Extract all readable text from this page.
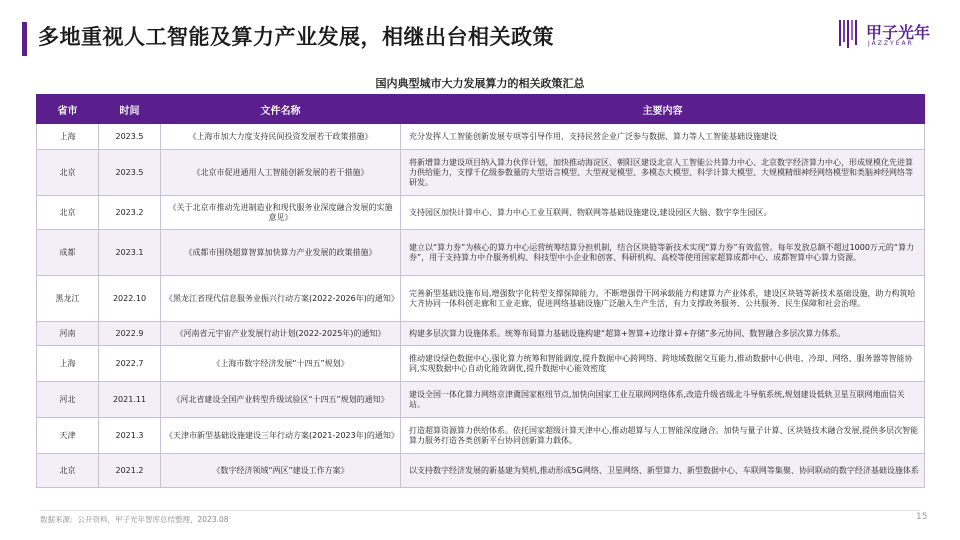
多地重视人工智能及算力产业发展，相继出台相关政策	甲子光年
JAZZYEAR
国内典型城市大力发展算力的相关政策汇总
省市	时间	文件名称	主要内容
上海	2023.5	《上海市加大力度支持民间投资发展若干政策措施》	充分发挥人工智能创新发展专项等引导作用，支持民营企业广泛参与数据、算力等人工智能基础设施建设
北京	2023.5	《北京市促进通用人工智能创新发展的若干措施》	将新增算力建设项目纳入算力伙伴计划，加快推动海淀区、朝阳区建设北京人工智能公共算力中心、北京数字经济算力中心，形成规模化先进算力供给能力，支撑千亿级参数量的大型语言模型、大型视觉模型、多模态大模型、科学计算大模型、大规模精细神经网络模型和类脑神经网络等研发。
北京	2023.2	《关于北京市推动先进制造业和现代服务业深度融合发展的实施意见》	支持园区加快计算中心、算力中心工业互联网、物联网等基础设施建设,建设园区大脑、数字孪生园区。
成都	2023.1	《成都市围绕超算智算加快算力产业发展的政策措施》	建立以“算力券”为核心的算力中心运营统筹结算分担机制，结合区块链等新技术实现“算力券”有效监管。每年发放总额不超过1000万元的“算力券”，用于支持算力中介服务机构、科技型中小企业和创客、科研机构、高校等使用国家超算成都中心、成都智算中心算力资源。
黑龙江	2022.10	《黑龙江省现代信息服务业振兴行动方案(2022-2026年)的通知》	完善新型基础设施布局,增强数字化转型支撑保障能力。不断增强骨干网承载能力构建算力产业体系，建设区块链等新技术基础设施，助力构筑哈大齐协同一体科创走廊和工业走廊，促进网络基础设施广泛融入生产生活，有力支撑政务服务、公共服务、民生保障和社会治理。
河南	2022.9	《河南省元宇宙产业发展行动计划(2022-2025年)的通知》	构建多层次算力设施体系。统筹布局算力基础设施构建“超算+智算+边缘计算+存储”多元协同、数智融合多层次算力体系。
上海	2022.7	《上海市数字经济发展“十四五”规划》	推动建设绿色数据中心,强化算力统筹和智能调度,提升数据中心跨网络、跨地域数据交互能力,推动数据中心供电、冷却、网络、服务器等智能协同,实现数据中心自动化能效调优,提升数据中心能效密度
河北	2021.11	《河北省建设全国产业转型升级试验区“十四五”规划的通知》	建设全国一体化算力网络京津冀国家枢纽节点,加快向国家工业互联网网络体系,改造升级省级北斗导航系统,规划建设低轨卫星互联网地面信关站。
天津	2021.3	《天津市新型基础设施建设三年行动方案(2021-2023年)的通知》	打造超算资源算力供给体系。依托国家超级计算天津中心,推动超算与人工智能深度融合。加快与量子计算、区块链技术融合发展,提供多层次智能算力服务打造各类创新平台协同创新算力载体。
北京	2021.2	《数字经济领域“两区”建设工作方案》	以支持数字经济发展的新基建为契机,推动形成5G网络、卫星网络、新型算力、新型数据中心、车联网等集聚、协同联动的数字经济基础设施体系
数据来源：公开资料，甲子光年智库总结整理，2023.08	15
